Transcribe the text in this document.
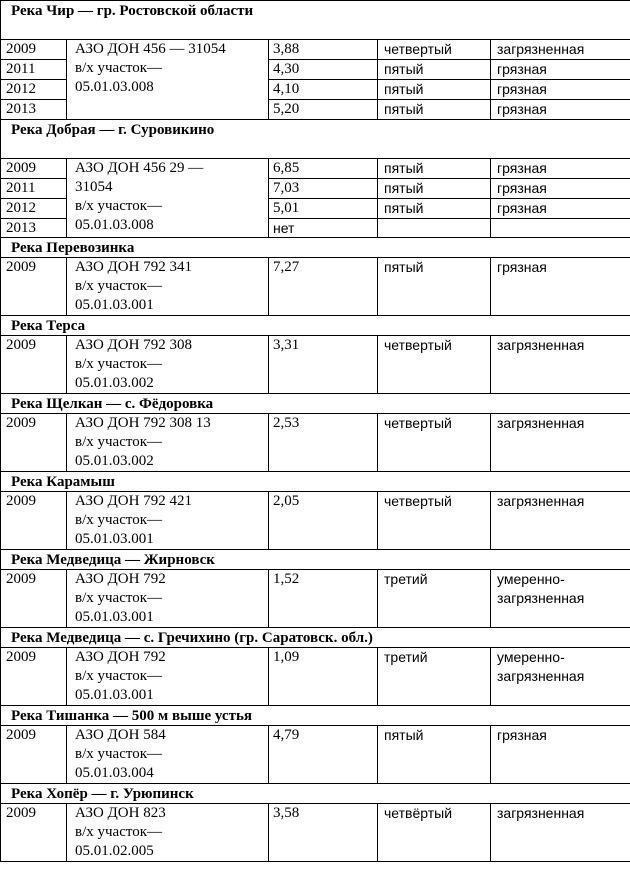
Река Чир — гр. Ростовской области				
2009	АЗО ДОН 456 — 31054
в/х участок—
05.01.03.008	3,88	четвертый	загрязненная
2011		4,30	пятый	грязная
2012		4,10	пятый	грязная
2013		5,20	пятый	грязная
Река Добрая — г. Суровикино				
2009	АЗО ДОН 456 29 —
31054
в/х участок—
05.01.03.008	6,85	пятый	грязная
2011		7,03	пятый	грязная
2012		5,01	пятый	грязная
2013		нет		
Река Перевозинка				
2009	АЗО ДОН 792 341
в/х участок—
05.01.03.001	7,27	пятый	грязная
Река Терса				
2009	АЗО ДОН 792 308
в/х участок—
05.01.03.002	3,31	четвертый	загрязненная
Река Щелкан — с. Фёдоровка				
2009	АЗО ДОН 792 308 13
в/х участок—
05.01.03.002	2,53	четвертый	загрязненная
Река Карамыш				
2009	АЗО ДОН 792 421
в/х участок—
05.01.03.001	2,05	четвертый	загрязненная
Река Медведица — Жирновск				
2009	АЗО ДОН 792
в/х участок—
05.01.03.001	1,52	третий	умеренно-
загрязненная

Река Медведица — с. Гречихино (гр. Саратовск. обл.)				
2009	АЗО ДОН 792
в/х участок—
05.01.03.001	1,09	третий	умеренно-
загрязненная

Река Тишанка — 500 м выше устья				
2009	АЗО ДОН 584
в/х участок—
05.01.03.004	4,79	пятый	грязная
Река Хопёр — г. Урюпинск				
2009	АЗО ДОН 823
в/х участок—
05.01.02.005	3,58	четвёртый	загрязненная
